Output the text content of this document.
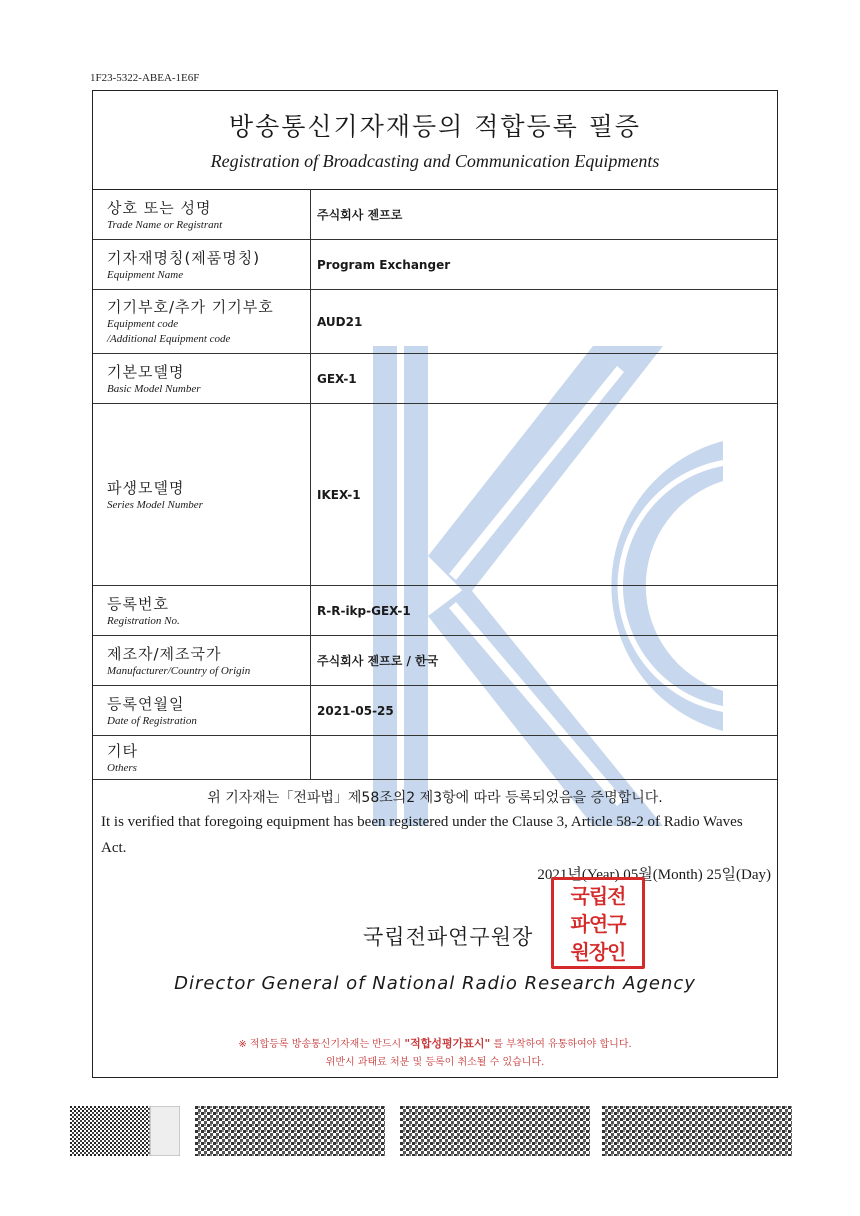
1F23-5322-ABEA-1E6F
방송통신기자재등의 적합등록 필증
Registration of Broadcasting and Communication Equipments
상호 또는 성명
Trade Name or Registrant	주식회사 젠프로

기자재명칭(제품명칭)
Equipment Name	Program Exchanger

기기부호/추가 기기부호
Equipment code
/Additional Equipment code	AUD21

기본모델명
Basic Model Number	GEX-1

파생모델명
Series Model Number	IKEX-1

등록번호
Registration No.	R-R-ikp-GEX-1

제조자/제조국가
Manufacturer/Country of Origin	주식회사 젠프로 / 한국

등록연월일
Date of Registration	2021-05-25

기타
Others	

위 기자재는「전파법」제58조의2 제3항에 따라 등록되었음을 증명합니다.
It is verified that foregoing equipment has been registered under the Clause 3, Article 58-2 of Radio Waves Act.
2021년(Year) 05월(Month) 25일(Day)
국립전파연구원장
국립전
파연구
원장인
Director General of National Radio Research Agency
※ 적합등록 방송통신기자재는 반드시 "적합성평가표시" 를 부착하여 유통하여야 합니다.
위반시 과태료 처분 및 등록이 취소될 수 있습니다.
